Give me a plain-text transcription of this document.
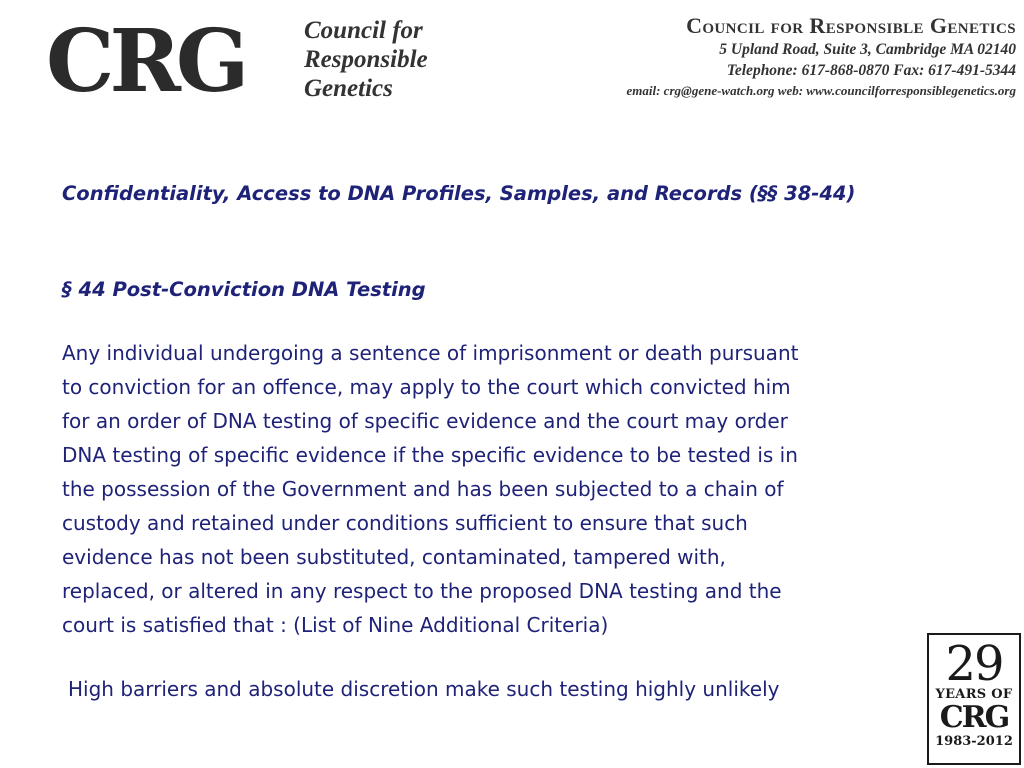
CRG Council for
Responsible
Genetics
Council for Responsible Genetics
5 Upland Road, Suite 3, Cambridge MA 02140
Telephone: 617-868-0870 Fax: 617-491-5344
email: crg@gene-watch.org web: www.councilforresponsiblegenetics.org
Confidentiality, Access to DNA Profiles, Samples, and Records (§§ 38-44)
§ 44 Post-Conviction DNA Testing
Any individual undergoing a sentence of imprisonment or death pursuant
to conviction for an offence, may apply to the court which convicted him
for an order of DNA testing of specific evidence and the court may order
DNA testing of specific evidence if the specific evidence to be tested is in
the possession of the Government and has been subjected to a chain of
custody and retained under conditions sufficient to ensure that such
evidence has not been substituted, contaminated, tampered with,
replaced, or altered in any respect to the proposed DNA testing and the
court is satisfied that : (List of Nine Additional Criteria)

High barriers and absolute discretion make such testing highly unlikely	29
YEARS OF
CRG
1983-2012
